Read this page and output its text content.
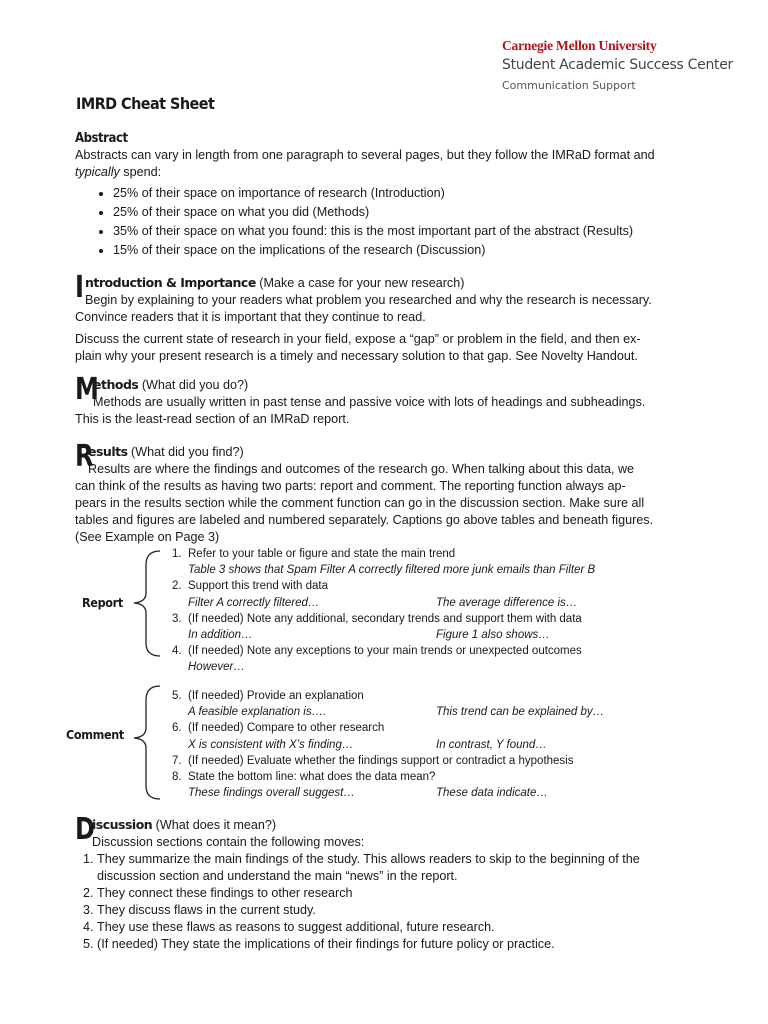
Carnegie Mellon University
Student Academic Success Center
Communication Support
IMRD Cheat Sheet
Abstract

Abstracts can vary in length from one paragraph to several pages, but they follow the IMRaD format and
typically spend:

• 25% of their space on importance of research (Introduction)
• 25% of their space on what you did (Methods)
• 35% of their space on what you found: this is the most important part of the abstract (Results)
• 15% of their space on the implications of the research (Discussion)
I ntroduction & Importance (Make a case for your new research)
Begin by explaining to your readers what problem you researched and why the research is necessary.

Convince readers that it is important that they continue to read.

Discuss the current state of research in your field, expose a “gap” or problem in the field, and then ex-
plain why your present research is a timely and necessary solution to that gap. See Novelty Handout.

M
ethods (What did you do?)
Methods are usually written in past tense and passive voice with lots of headings and subheadings.

This is the least-read section of an IMRaD report.

R
esults (What did you find?)
Results are where the findings and outcomes of the research go. When talking about this data, we

can think of the results as having two parts: report and comment. The reporting function always ap-

pears in the results section while the comment function can go in the discussion section. Make sure all

tables and figures are labeled and numbered separately. Captions go above tables and beneath figures.

(See Example on Page 3)

Report
1. Refer to your table or figure and state the main trend
Table 3 shows that Spam Filter A correctly filtered more junk emails than Filter B
2. Support this trend with data
Filter A correctly filtered…	The average difference is…
3. (If needed) Note any additional, secondary trends and support them with data
In addition…	Figure 1 also shows…
4. (If needed) Note any exceptions to your main trends or unexpected outcomes
However…
Comment
5. (If needed) Provide an explanation
A feasible explanation is….	This trend can be explained by…
6. (If needed) Compare to other research
X is consistent with X’s finding…	In contrast, Y found…
7. (If needed) Evaluate whether the findings support or contradict a hypothesis
8. State the bottom line: what does the data mean?
These findings overall suggest…	These data indicate…
D
iscussion (What does it mean?)
Discussion sections contain the following moves:
1. They summarize the main findings of the study. This allows readers to skip to the beginning of the discussion section and understand the main “news” in the report.
2. They connect these findings to other research
3. They discuss flaws in the current study.
4. They use these flaws as reasons to suggest additional, future research.
5. (If needed) They state the implications of their findings for future policy or practice.
